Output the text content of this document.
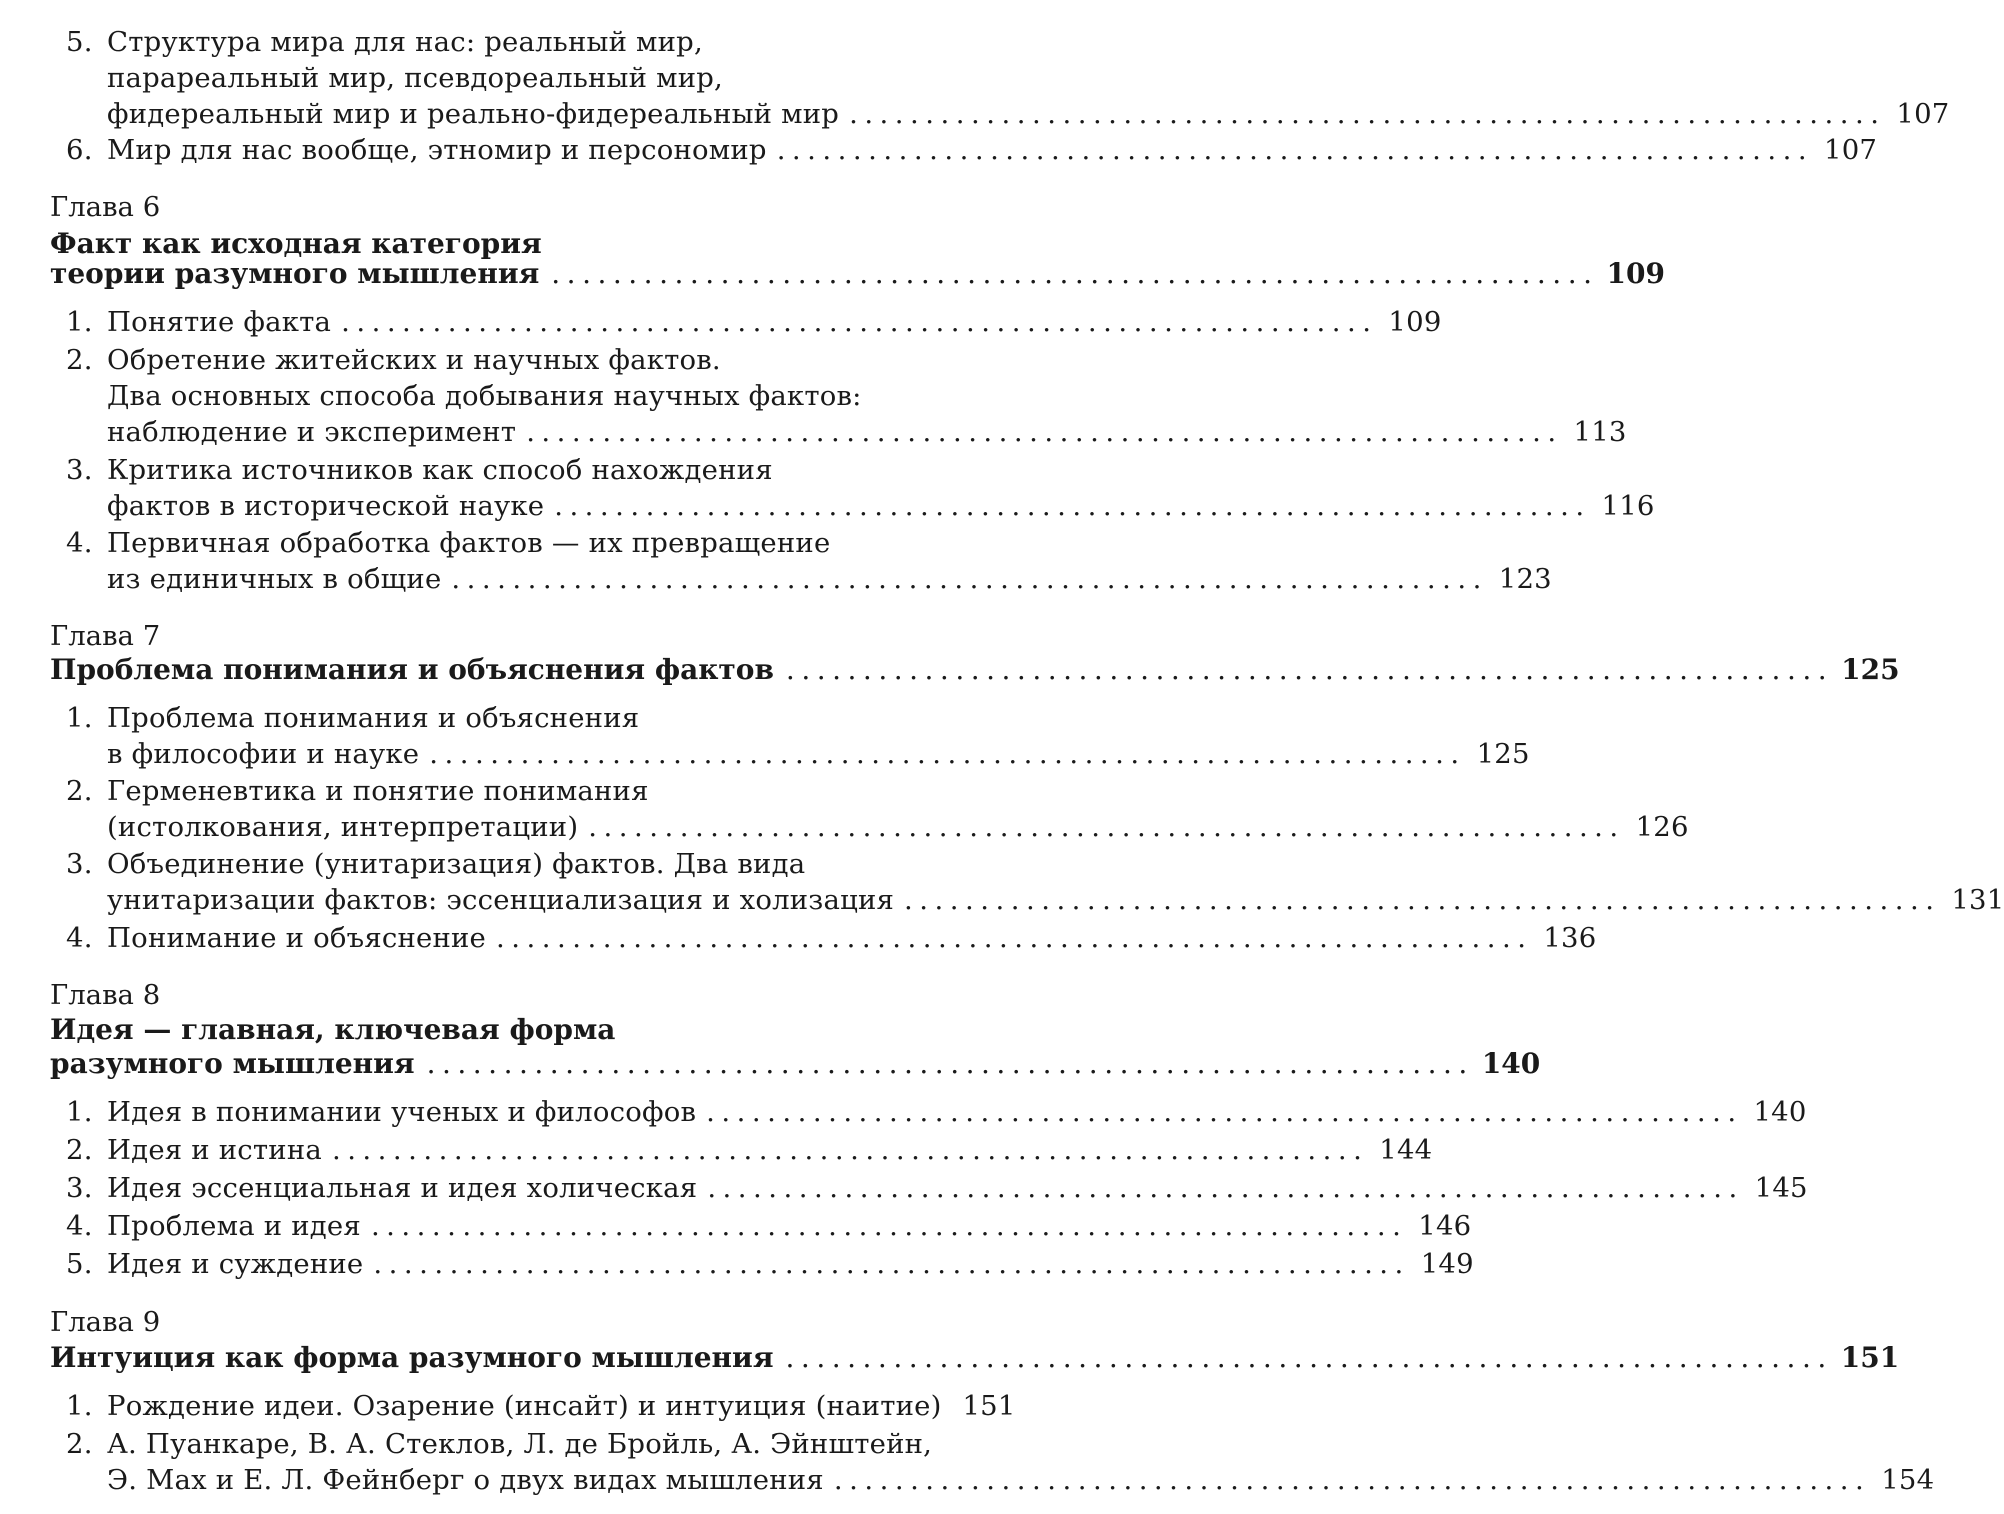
5. Структура мира для нас: реальный мир,
парареальный мир, псевдореальный мир,
фидереальный мир и реально-фидереальный мир .................................................................... 107
6. Мир для нас вообще, этномир и персономир .................................................................... 107
Глава 6
Факт как исходная категория
теории разумного мышления .................................................................... 109
1. Понятие факта .................................................................... 109
2. Обретение житейских и научных фактов.
Два основных способа добывания научных фактов:
наблюдение и эксперимент .................................................................... 113
3. Критика источников как способ нахождения
фактов в исторической науке .................................................................... 116
4. Первичная обработка фактов — их превращение
из единичных в общие .................................................................... 123
Глава 7
Проблема понимания и объяснения фактов .................................................................... 125
1. Проблема понимания и объяснения
в философии и науке .................................................................... 125
2. Герменевтика и понятие понимания
(истолкования, интерпретации) .................................................................... 126
3. Объединение (унитаризация) фактов. Два вида
унитаризации фактов: эссенциализация и холизация .................................................................... 131
4. Понимание и объяснение .................................................................... 136
Глава 8
Идея — главная, ключевая форма
разумного мышления .................................................................... 140
1. Идея в понимании ученых и философов .................................................................... 140
2. Идея и истина .................................................................... 144
3. Идея эссенциальная и идея холическая .................................................................... 145
4. Проблема и идея .................................................................... 146
5. Идея и суждение .................................................................... 149
Глава 9
Интуиция как форма разумного мышления .................................................................... 151
1. Рождение идеи. Озарение (инсайт) и интуиция (наитие) 151
2. А. Пуанкаре, В. А. Стеклов, Л. де Бройль, А. Эйнштейн,
Э. Мах и Е. Л. Фейнберг о двух видах мышления .................................................................... 154
